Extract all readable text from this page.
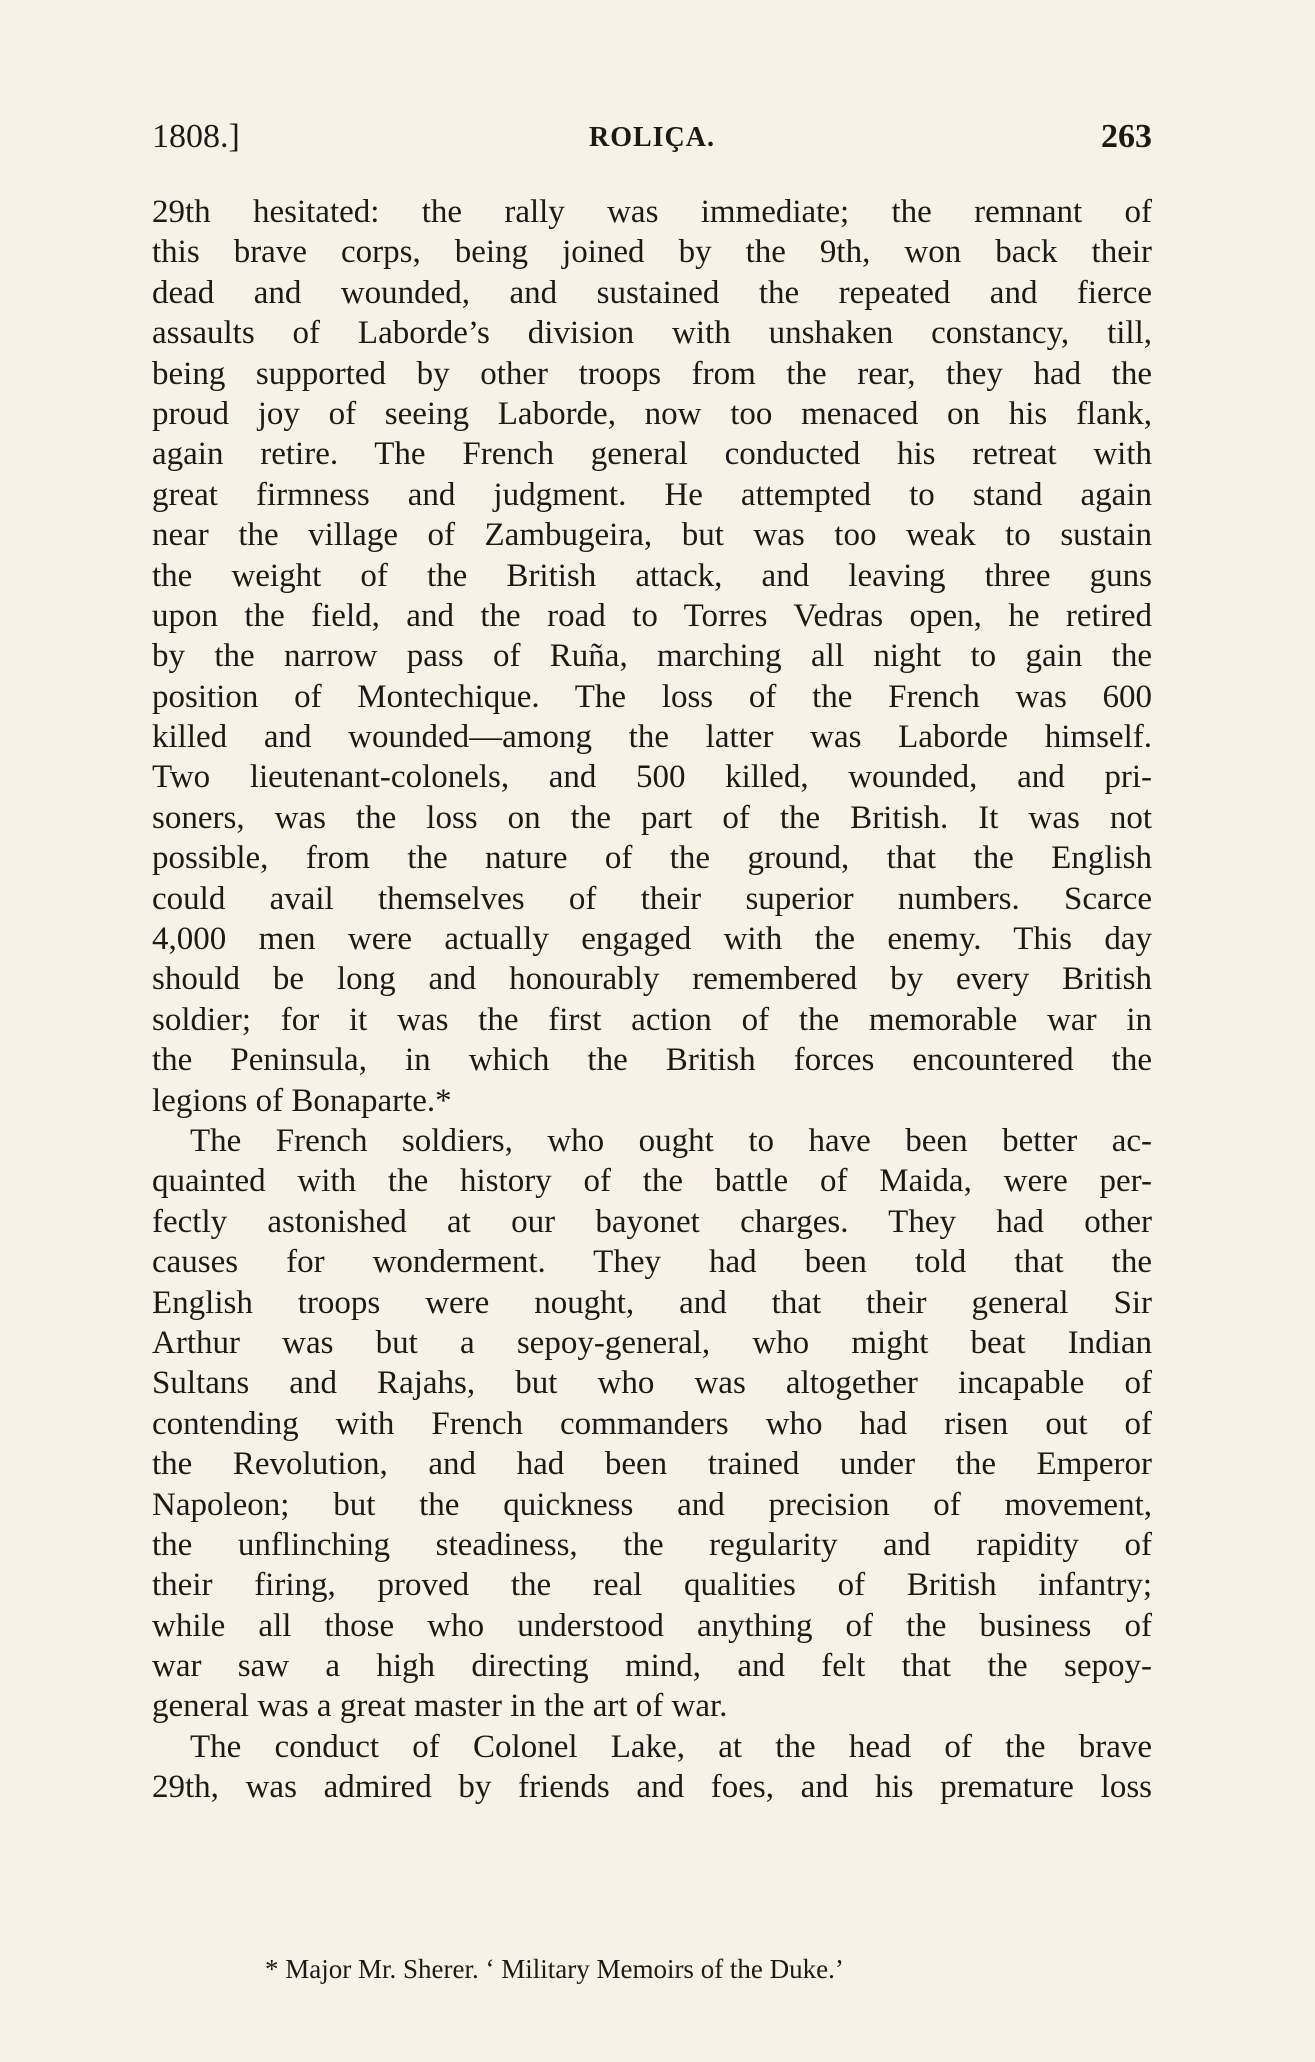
1808.]	ROLIÇA.	263
29th hesitated: the rally was immediate; the remnant of
this brave corps, being joined by the 9th, won back their
dead and wounded, and sustained the repeated and fierce
assaults of Laborde’s division with unshaken constancy, till,
being supported by other troops from the rear, they had the
proud joy of seeing Laborde, now too menaced on his flank,
again retire. The French general conducted his retreat with
great firmness and judgment. He attempted to stand again
near the village of Zambugeira, but was too weak to sustain
the weight of the British attack, and leaving three guns
upon the field, and the road to Torres Vedras open, he retired
by the narrow pass of Ruña, marching all night to gain the
position of Montechique. The loss of the French was 600
killed and wounded—among the latter was Laborde himself.
Two lieutenant-colonels, and 500 killed, wounded, and pri-
soners, was the loss on the part of the British. It was not
possible, from the nature of the ground, that the English
could avail themselves of their superior numbers. Scarce
4,000 men were actually engaged with the enemy. This day
should be long and honourably remembered by every British
soldier; for it was the first action of the memorable war in
the Peninsula, in which the British forces encountered the
legions of Bonaparte.*
The French soldiers, who ought to have been better ac-
quainted with the history of the battle of Maida, were per-
fectly astonished at our bayonet charges. They had other
causes for wonderment. They had been told that the
English troops were nought, and that their general Sir
Arthur was but a sepoy-general, who might beat Indian
Sultans and Rajahs, but who was altogether incapable of
contending with French commanders who had risen out of
the Revolution, and had been trained under the Emperor
Napoleon; but the quickness and precision of movement,
the unflinching steadiness, the regularity and rapidity of
their firing, proved the real qualities of British infantry;
while all those who understood anything of the business of
war saw a high directing mind, and felt that the sepoy-
general was a great master in the art of war.
The conduct of Colonel Lake, at the head of the brave
29th, was admired by friends and foes, and his premature loss
* Major Mr. Sherer. ‘ Military Memoirs of the Duke.’
